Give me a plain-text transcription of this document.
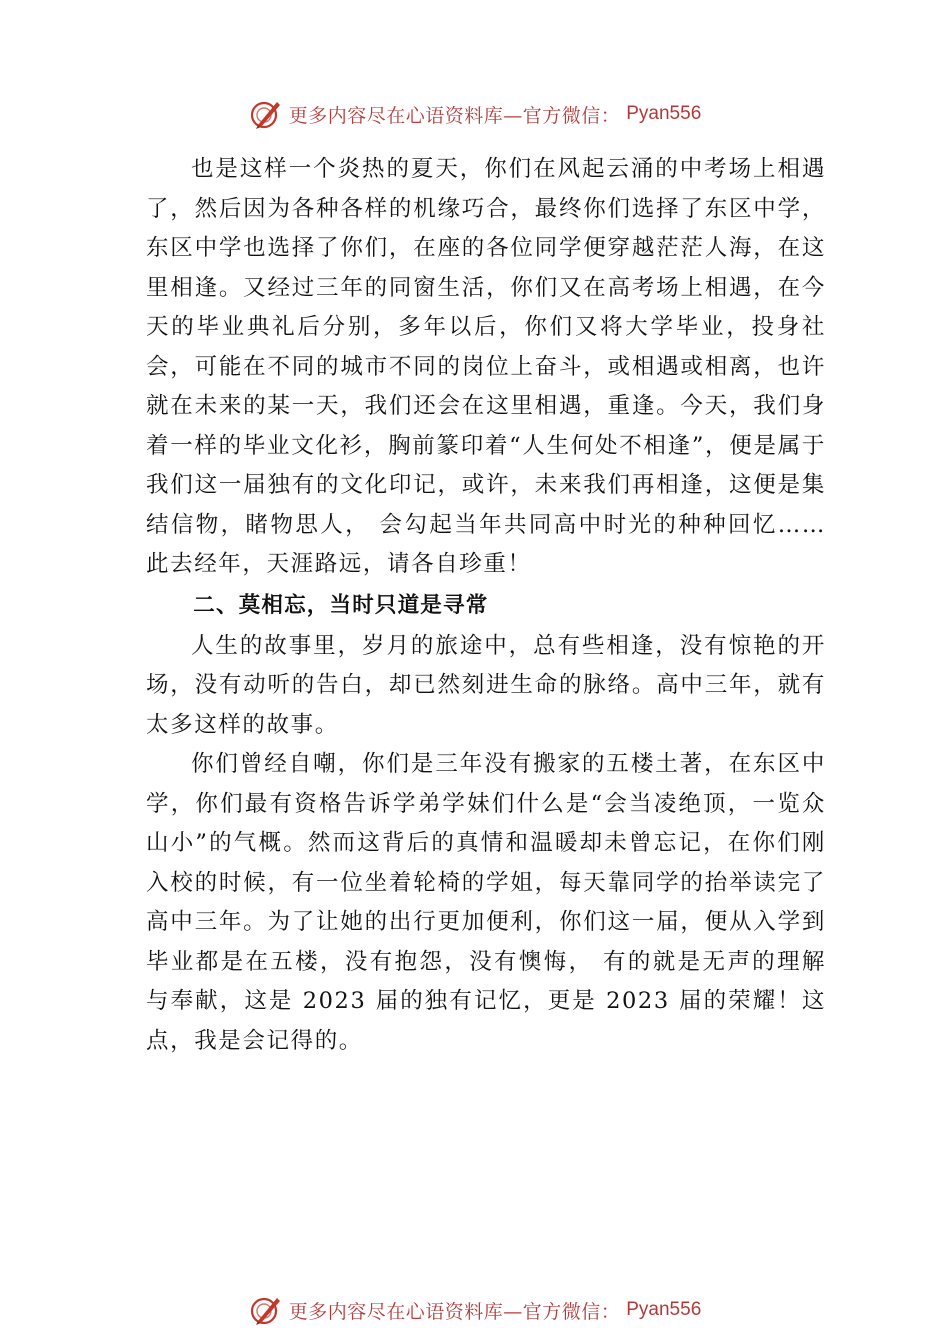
更多内容尽在心语资料库—官方微信： Pyan556

也是这样一个炎热的夏天，你们在风起云涌的中考场上相遇了，然后因为各种各样的机缘巧合，最终你们选择了东区中学，东区中学也选择了你们，在座的各位同学便穿越茫茫人海，在这里相逢。又经过三年的同窗生活，你们又在高考场上相遇，在今天的毕业典礼后分别，多年以后，你们又将大学毕业，投身社会，可能在不同的城市不同的岗位上奋斗，或相遇或相离，也许就在未来的某一天，我们还会在这里相遇，重逢。今天，我们身着一样的毕业文化衫，胸前篆印着“人生何处不相逢”，便是属于我们这一届独有的文化印记，或许，未来我们再相逢，这便是集结信物，睹物思人， 会勾起当年共同高中时光的种种回忆……此去经年，天涯路远，请各自珍重！

二、莫相忘，当时只道是寻常

人生的故事里，岁月的旅途中，总有些相逢，没有惊艳的开场，没有动听的告白，却已然刻进生命的脉络。高中三年，就有太多这样的故事。

你们曾经自嘲，你们是三年没有搬家的五楼土著，在东区中学，你们最有资格告诉学弟学妹们什么是“会当凌绝顶，一览众山小”的气概。然而这背后的真情和温暖却未曾忘记，在你们刚入校的时候，有一位坐着轮椅的学姐，每天靠同学的抬举读完了高中三年。为了让她的出行更加便利，你们这一届，便从入学到毕业都是在五楼，没有抱怨，没有懊悔， 有的就是无声的理解与奉献，这是 2023 届的独有记忆，更是 2023 届的荣耀！这点，我是会记得的。

更多内容尽在心语资料库—官方微信： Pyan556
